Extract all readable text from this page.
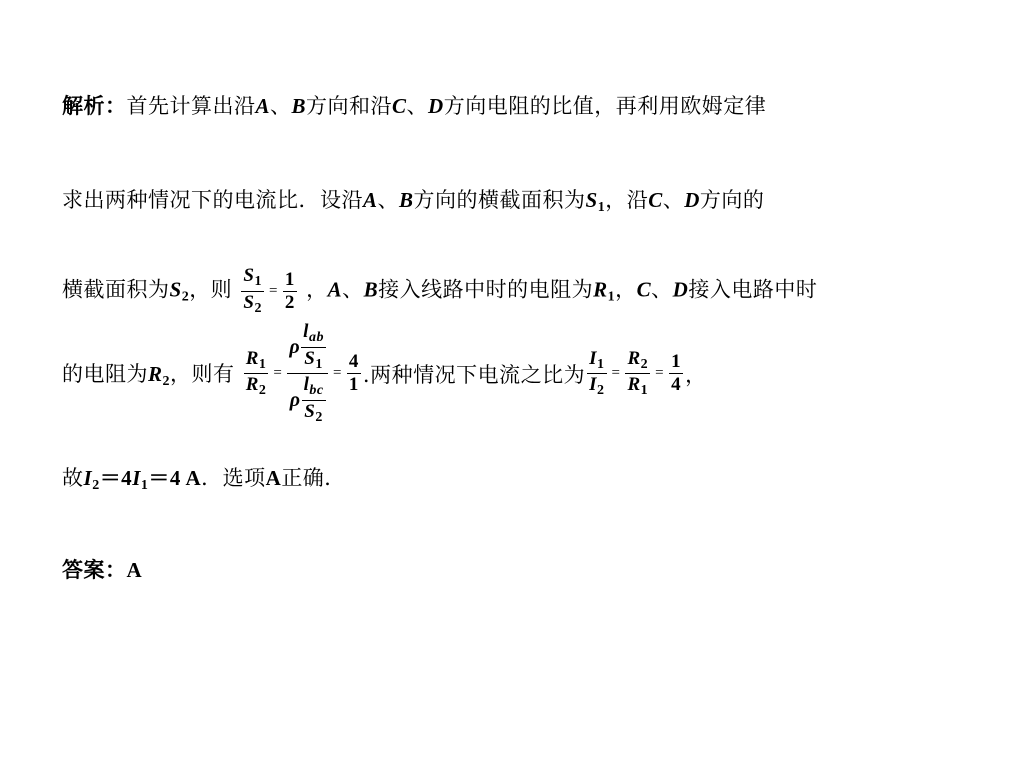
解析：首先计算出沿A、B方向和沿C、D方向电阻的比值，再利用欧姆定律
求出两种情况下的电流比．设沿A、B方向的横截面积为$S_1$，沿C、D方向的
横截面积为$S_2$，则 $\frac{S_1}{S_2} = \frac{1}{2}$ ，A、B接入线路中时的电阻为$R_1$，C、D接入电路中时
的电阻为$R_2$，则有 $\frac{R_1}{R_2} = \frac{\rho \frac{l_{ab}}{S_1}}{\rho \frac{l_{bc}}{S_2}} = \frac{4}{1}$ .两种情况下电流之比为 $\frac{I_1}{I_2} = \frac{R_2}{R_1} = \frac{1}{4}$ ，
故$I_2=4I_1=4$ A．选项A正确．
答案：A
